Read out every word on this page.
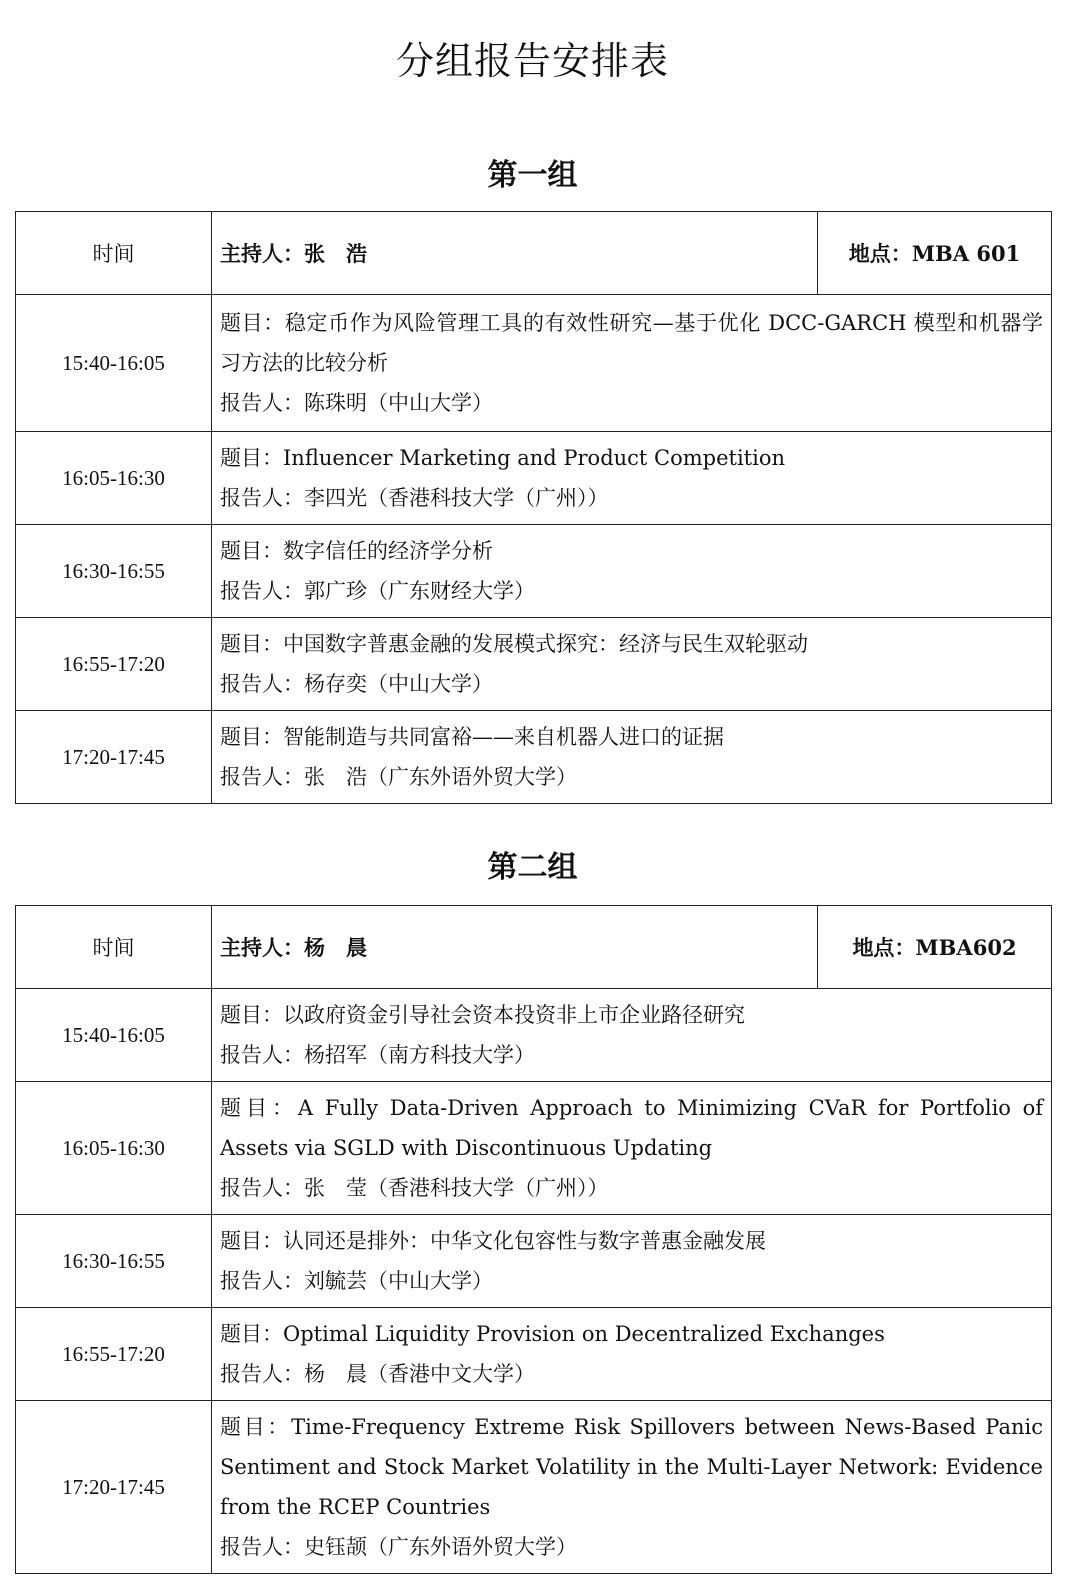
分组报告安排表
第一组
时间	主持人：张　浩	地点：MBA 601
15:40-16:05	题目：稳定币作为风险管理工具的有效性研究—基于优化 DCC-GARCH 模型和机器学习方法的比较分析
报告人：陈珠明（中山大学）	

16:05-16:30	题目：Influencer Marketing and Product Competition
报告人：李四光（香港科技大学（广州））	

16:30-16:55	题目：数字信任的经济学分析
报告人：郭广珍（广东财经大学）	

16:55-17:20	题目：中国数字普惠金融的发展模式探究：经济与民生双轮驱动
报告人：杨存奕（中山大学）	

17:20-17:45	题目：智能制造与共同富裕——来自机器人进口的证据
报告人：张　浩（广东外语外贸大学）	
第二组
时间	主持人：杨　晨	地点：MBA602
15:40-16:05	题目：以政府资金引导社会资本投资非上市企业路径研究
报告人：杨招军（南方科技大学）	

16:05-16:30	题目：A Fully Data-Driven Approach to Minimizing CVaR for Portfolio of Assets via SGLD with Discontinuous Updating
报告人：张　莹（香港科技大学（广州））	

16:30-16:55	题目：认同还是排外：中华文化包容性与数字普惠金融发展
报告人：刘毓芸（中山大学）	

16:55-17:20	题目：Optimal Liquidity Provision on Decentralized Exchanges
报告人：杨　晨（香港中文大学）	

17:20-17:45	题目：Time-Frequency Extreme Risk Spillovers between News-Based Panic Sentiment and Stock Market Volatility in the Multi-Layer Network: Evidence from the RCEP Countries
报告人：史钰颉（广东外语外贸大学）	
